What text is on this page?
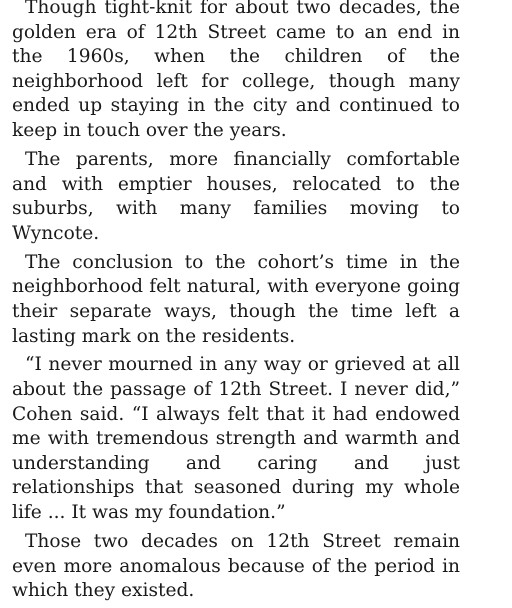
Though tight-knit for about two decades, the golden era of 12th Street came to an end in the 1960s, when the children of the neighborhood left for college, though many ended up staying in the city and continued to keep in touch over the years.

The parents, more financially comfortable and with emptier houses, relocated to the suburbs, with many families moving to Wyncote.

The conclusion to the cohort’s time in the neighborhood felt natural, with everyone going their separate ways, though the time left a lasting mark on the residents.

“I never mourned in any way or grieved at all about the passage of 12th Street. I never did,” Cohen said. “I always felt that it had endowed me with tremendous strength and warmth and understanding and caring and just relationships that seasoned during my whole life ... It was my foundation.”

Those two decades on 12th Street remain even more anomalous because of the period in which they existed.
